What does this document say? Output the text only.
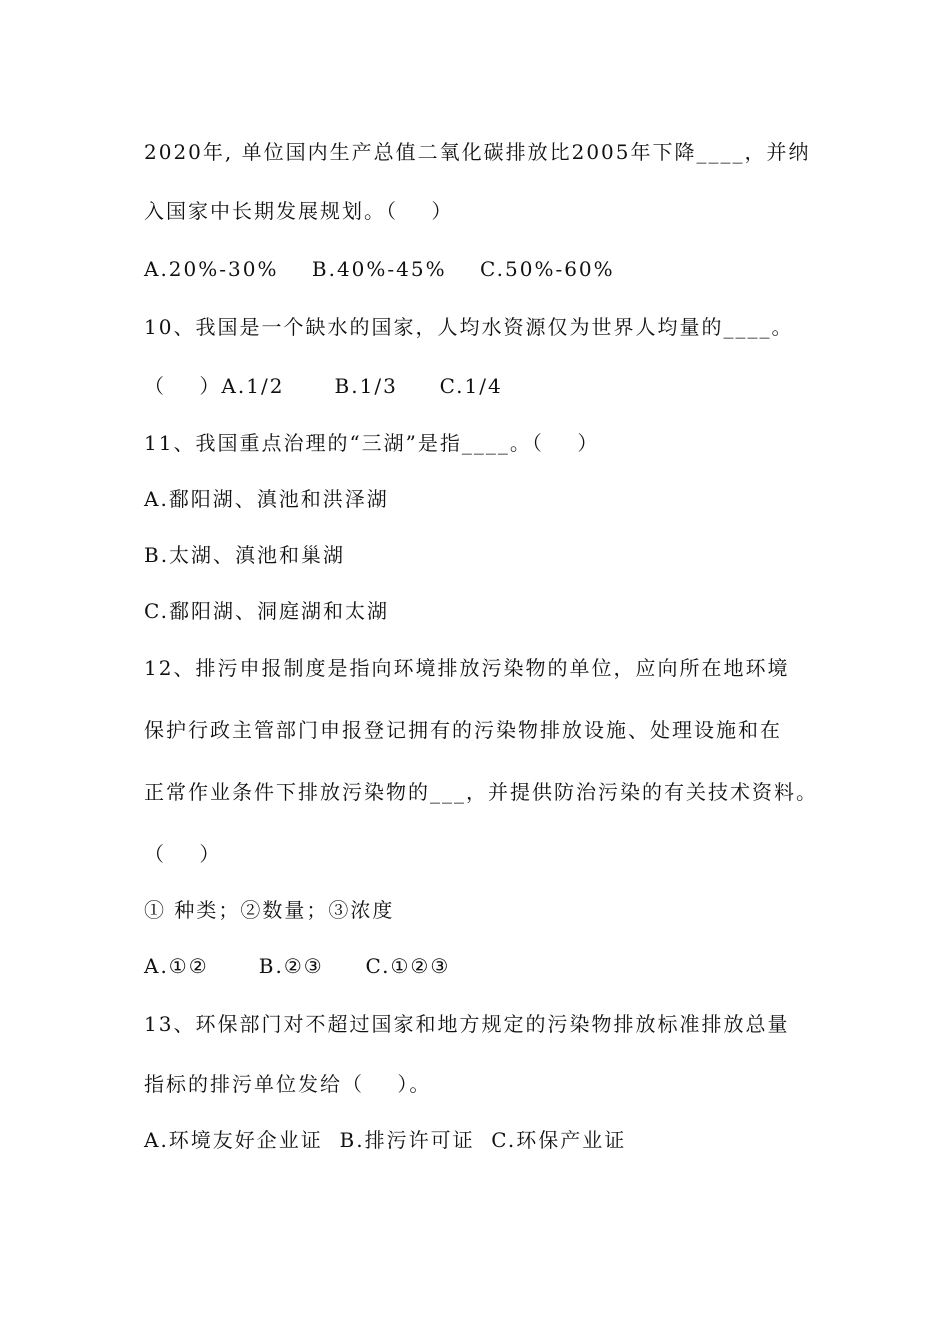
2020年, 单位国内生产总值二氧化碳排放比2005年下降____，并纳
入国家中长期发展规划。（    ）
A.20%-30%    B.40%-45%    C.50%-60%
10、我国是一个缺水的国家，人均水资源仅为世界人均量的____。
（    ）A.1/2      B.1/3     C.1/4
11、我国重点治理的“三湖”是指____。（    ）
A.鄱阳湖、滇池和洪泽湖
B.太湖、滇池和巢湖
C.鄱阳湖、洞庭湖和太湖
12、排污申报制度是指向环境排放污染物的单位，应向所在地环境
保护行政主管部门申报登记拥有的污染物排放设施、处理设施和在
正常作业条件下排放污染物的___，并提供防治污染的有关技术资料。
（    ）
① 种类；②数量；③浓度
A.①②      B.②③     C.①②③
13、环保部门对不超过国家和地方规定的污染物排放标准排放总量
指标的排污单位发给（    ）。
A.环境友好企业证  B.排污许可证  C.环保产业证
